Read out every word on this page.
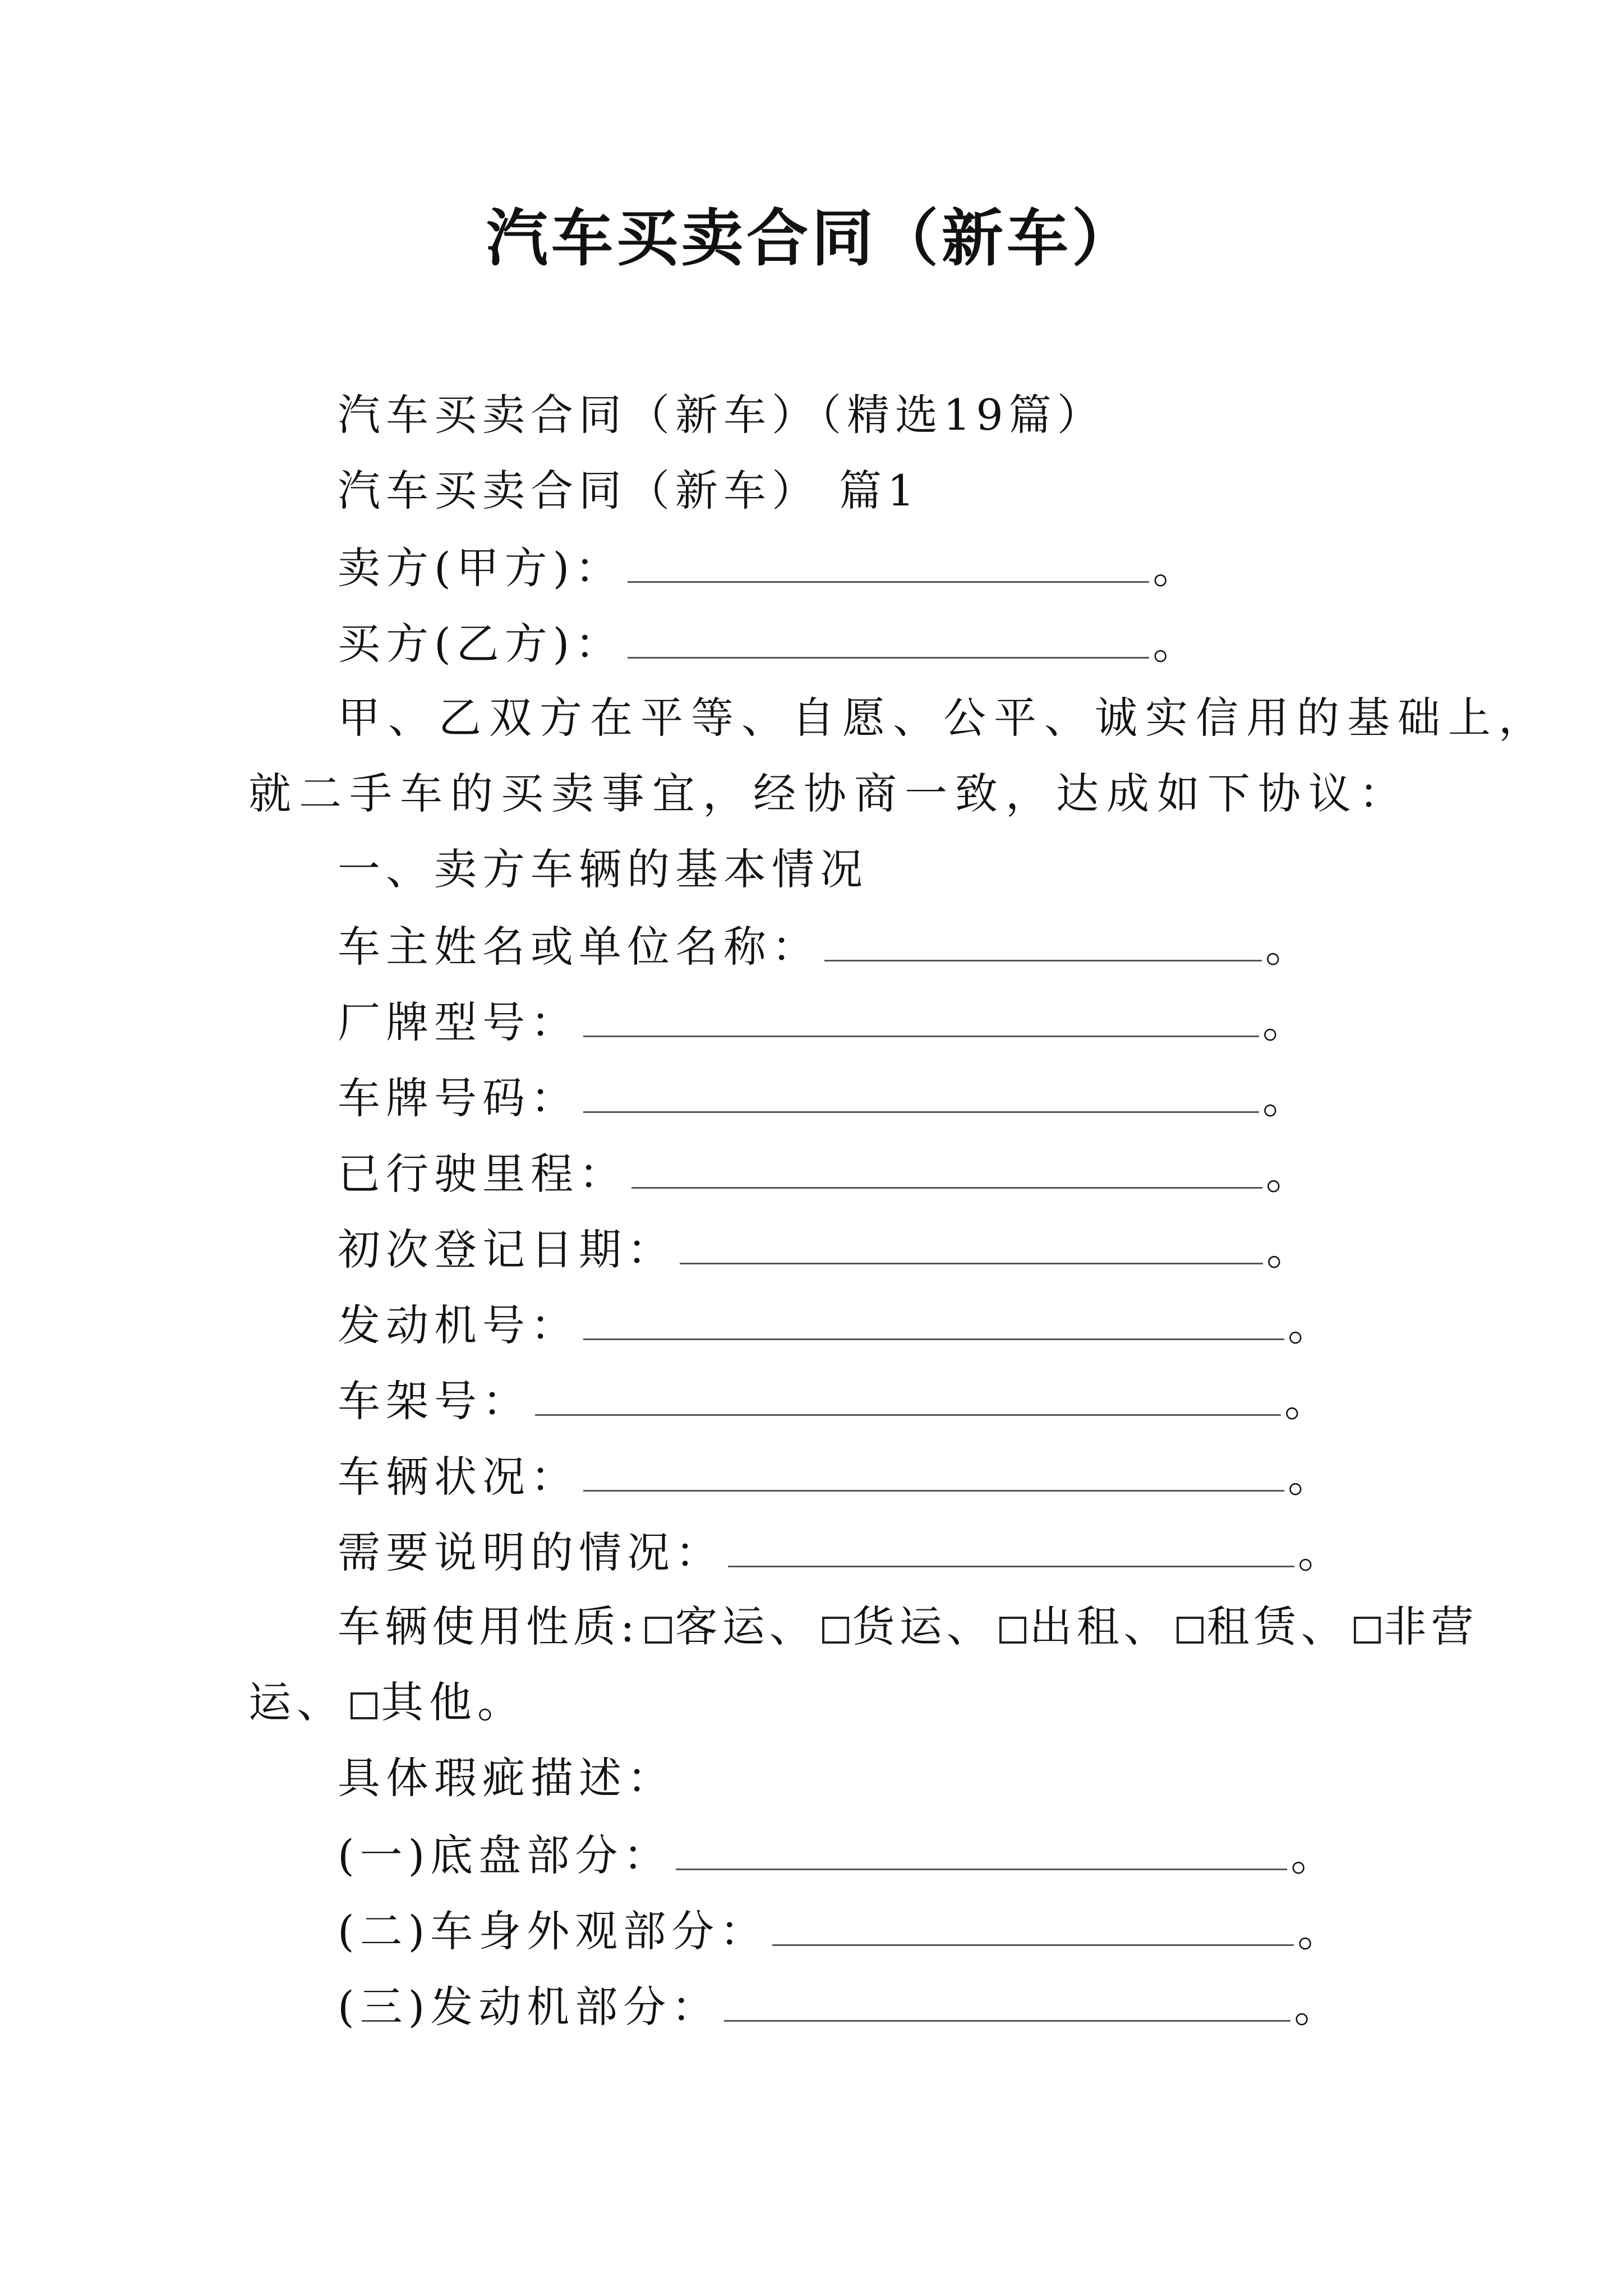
汽车买卖合同（新车）
汽车买卖合同（新车）（精选19篇）
汽车买卖合同（新车） 篇1
卖方(甲方)：	。
买方(乙方)：	。
甲、乙双方在平等、自愿、公平、诚实信用的基础上，
就二手车的买卖事宜，经协商一致，达成如下协议：
一、卖方车辆的基本情况
车主姓名或单位名称：	。
厂牌型号：	。
车牌号码：	。
已行驶里程：	。
初次登记日期：	。
发动机号：	。
车架号：	。
车辆状况：	。
需要说明的情况：	。
车辆使用性质: 客运、 货运、 出租、 租赁、 非营
运、 其他。
具体瑕疵描述：
(一)底盘部分：	。
(二)车身外观部分：	。
(三)发动机部分：	。
